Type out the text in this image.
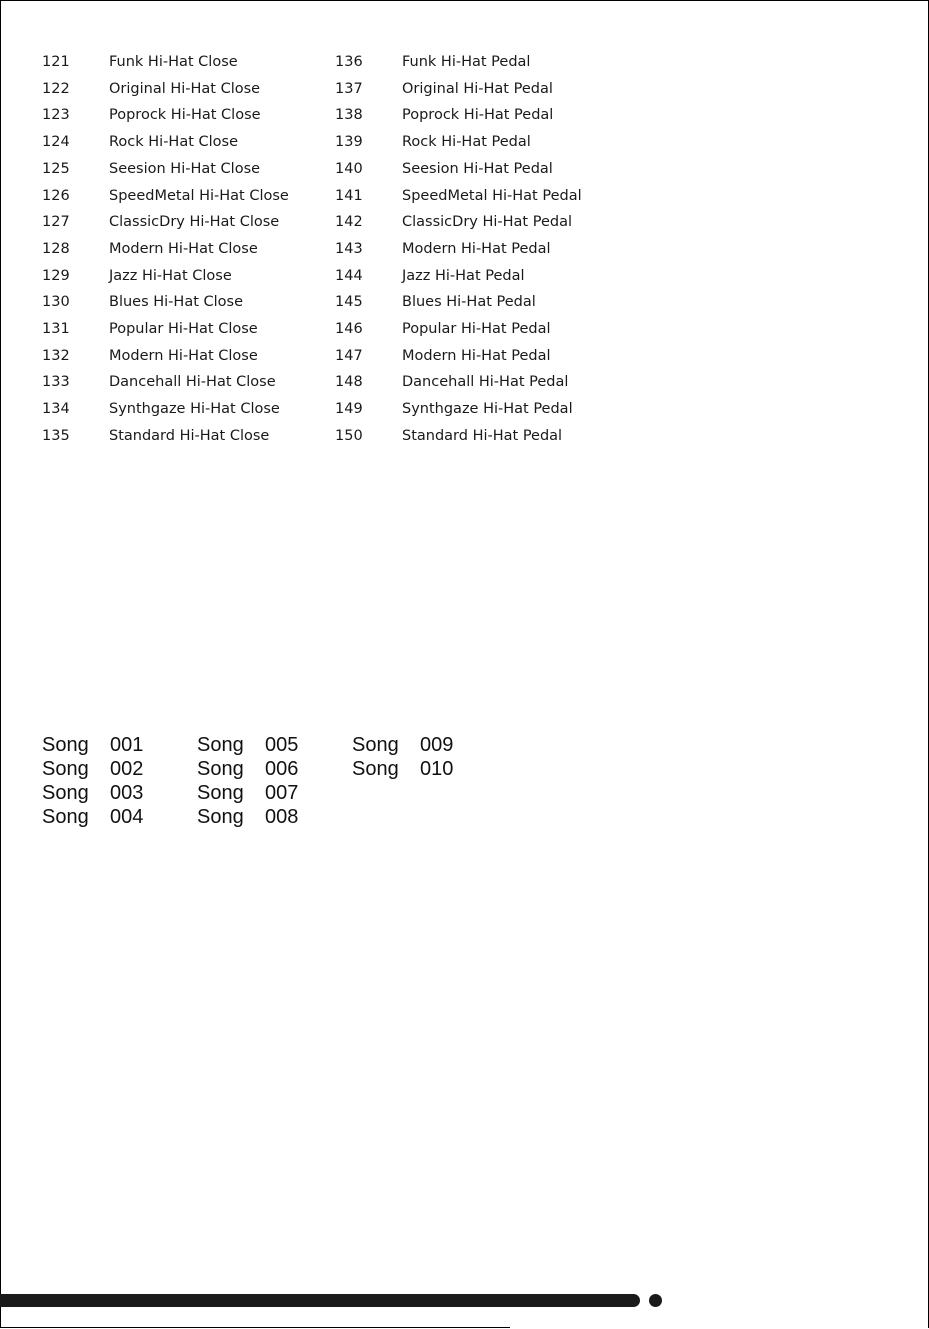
121	Funk Hi-Hat Close
122	Original Hi-Hat Close
123	Poprock Hi-Hat Close
124	Rock Hi-Hat Close
125	Seesion Hi-Hat Close
126	SpeedMetal Hi-Hat Close
127	ClassicDry Hi-Hat Close
128	Modern Hi-Hat Close
129	Jazz Hi-Hat Close
130	Blues Hi-Hat Close
131	Popular Hi-Hat Close
132	Modern Hi-Hat Close
133	Dancehall Hi-Hat Close
134	Synthgaze Hi-Hat Close
135	Standard Hi-Hat Close
136	Funk Hi-Hat Pedal
137	Original Hi-Hat Pedal
138	Poprock Hi-Hat Pedal
139	Rock Hi-Hat Pedal
140	Seesion Hi-Hat Pedal
141	SpeedMetal Hi-Hat Pedal
142	ClassicDry Hi-Hat Pedal
143	Modern Hi-Hat Pedal
144	Jazz Hi-Hat Pedal
145	Blues Hi-Hat Pedal
146	Popular Hi-Hat Pedal
147	Modern Hi-Hat Pedal
148	Dancehall Hi-Hat Pedal
149	Synthgaze Hi-Hat Pedal
150	Standard Hi-Hat Pedal
Song 001
Song 002
Song 003
Song 004
Song 005
Song 006
Song 007
Song 008
Song 009
Song 010
